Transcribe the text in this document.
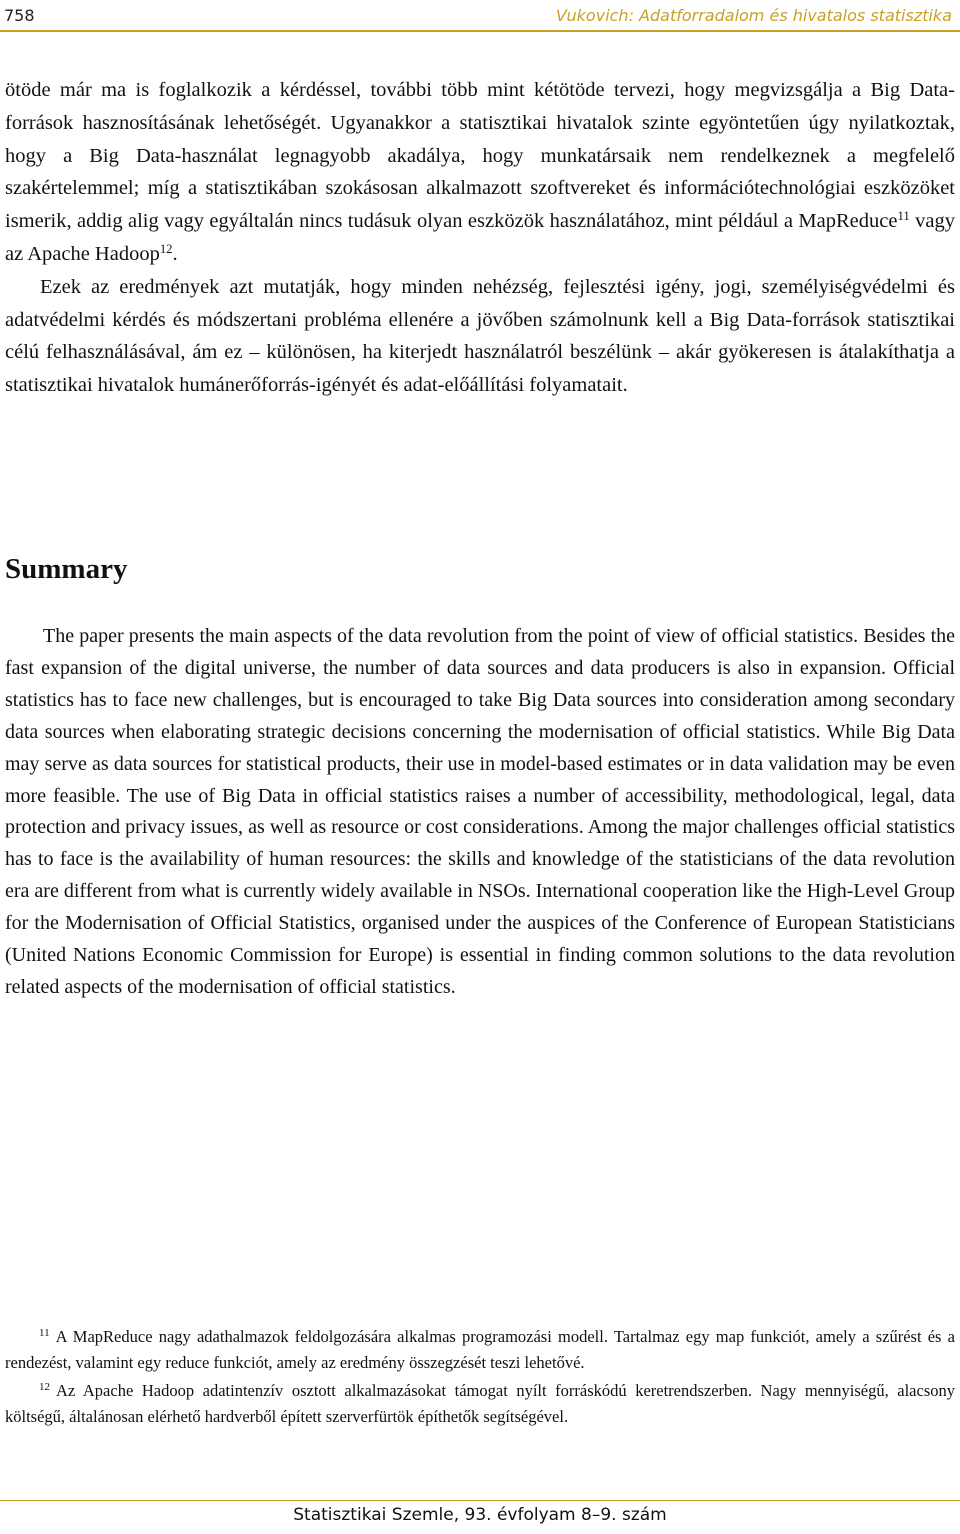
758	Vukovich: Adatforradalom és hivatalos statisztika

ötöde már ma is foglalkozik a kérdéssel, további több mint kétötöde tervezi, hogy megvizsgálja a Big Data-források hasznosításának lehetőségét. Ugyanakkor a statisztikai hivatalok szinte egyöntetűen úgy nyilatkoztak, hogy a Big Data-használat legnagyobb akadálya, hogy munkatársaik nem rendelkeznek a megfelelő szakértelemmel; míg a statisztikában szokásosan alkalmazott szoftvereket és információtechnológiai eszközöket ismerik, addig alig vagy egyáltalán nincs tudásuk olyan eszközök használatához, mint például a MapReduce$^{11}$ vagy az Apache Hadoop$^{12}$.

Ezek az eredmények azt mutatják, hogy minden nehézség, fejlesztési igény, jogi, személyiségvédelmi és adatvédelmi kérdés és módszertani probléma ellenére a jövőben számolnunk kell a Big Data-források statisztikai célú felhasználásával, ám ez – különösen, ha kiterjedt használatról beszélünk – akár gyökeresen is átalakíthatja a statisztikai hivatalok humánerőforrás-igényét és adat-előállítási folyamatait.

Summary

The paper presents the main aspects of the data revolution from the point of view of official statistics. Besides the fast expansion of the digital universe, the number of data sources and data producers is also in expansion. Official statistics has to face new challenges, but is encouraged to take Big Data sources into consideration among secondary data sources when elaborating strategic decisions concerning the modernisation of official statistics. While Big Data may serve as data sources for statistical products, their use in model-based estimates or in data validation may be even more feasible. The use of Big Data in official statistics raises a number of accessibility, methodological, legal, data protection and privacy issues, as well as resource or cost considerations. Among the major challenges official statistics has to face is the availability of human resources: the skills and knowledge of the statisticians of the data revolution era are different from what is currently widely available in NSOs. International cooperation like the High-Level Group for the Modernisation of Official Statistics, organised under the auspices of the Conference of European Statisticians (United Nations Economic Commission for Europe) is essential in finding common solutions to the data revolution related aspects of the modernisation of official statistics.

$^{11}$ A MapReduce nagy adathalmazok feldolgozására alkalmas programozási modell. Tartalmaz egy map funkciót, amely a szűrést és a rendezést, valamint egy reduce funkciót, amely az eredmény összegzését teszi lehetővé.

$^{12}$ Az Apache Hadoop adatintenzív osztott alkalmazásokat támogat nyílt forráskódú keretrendszerben. Nagy mennyiségű, alacsony költségű, általánosan elérhető hardverből épített szerverfürtök építhetők segítségével.

Statisztikai Szemle, 93. évfolyam 8–9. szám
